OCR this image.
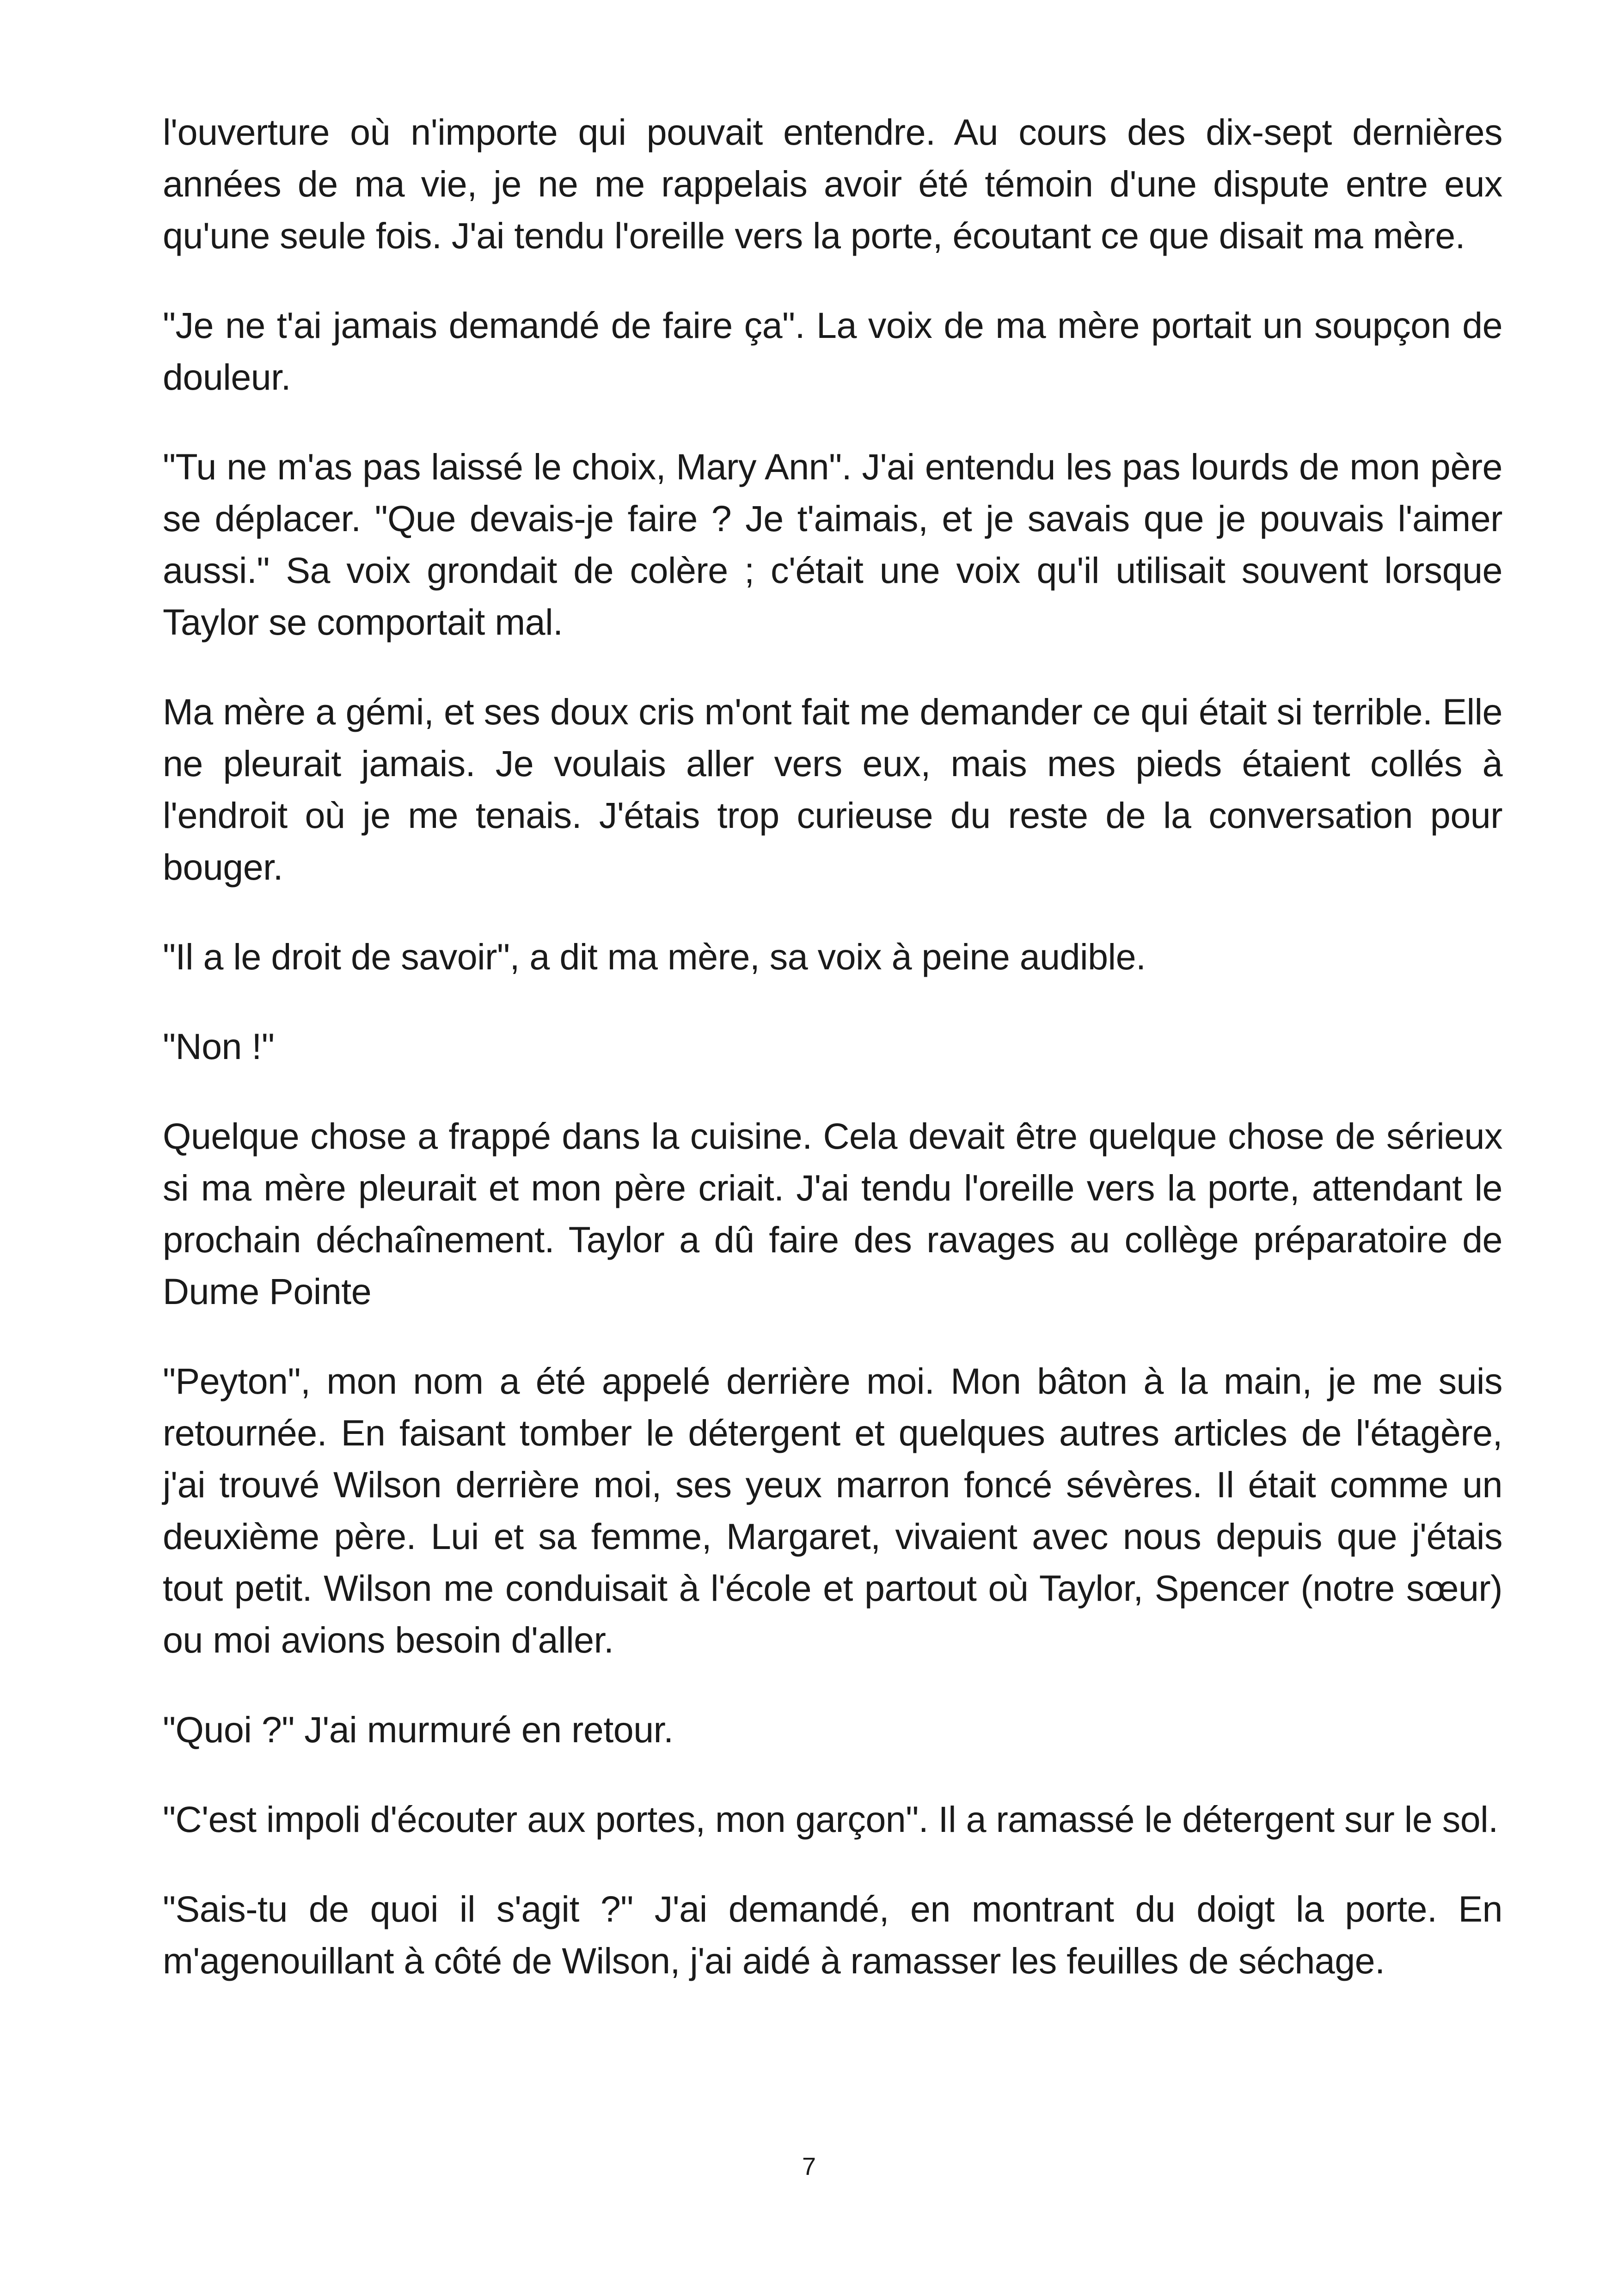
l'ouverture où n'importe qui pouvait entendre. Au cours des dix-sept dernières années de ma vie, je ne me rappelais avoir été témoin d'une dispute entre eux qu'une seule fois. J'ai tendu l'oreille vers la porte, écoutant ce que disait ma mère.

"Je ne t'ai jamais demandé de faire ça". La voix de ma mère portait un soupçon de douleur.

"Tu ne m'as pas laissé le choix, Mary Ann". J'ai entendu les pas lourds de mon père se déplacer. "Que devais-je faire ? Je t'aimais, et je savais que je pouvais l'aimer aussi." Sa voix grondait de colère ; c'était une voix qu'il utilisait souvent lorsque Taylor se comportait mal.

Ma mère a gémi, et ses doux cris m'ont fait me demander ce qui était si terrible. Elle ne pleurait jamais. Je voulais aller vers eux, mais mes pieds étaient collés à l'endroit où je me tenais. J'étais trop curieuse du reste de la conversation pour bouger.

"Il a le droit de savoir", a dit ma mère, sa voix à peine audible.

"Non !"

Quelque chose a frappé dans la cuisine. Cela devait être quelque chose de sérieux si ma mère pleurait et mon père criait. J'ai tendu l'oreille vers la porte, attendant le prochain déchaînement. Taylor a dû faire des ravages au collège préparatoire de Dume Pointe

"Peyton", mon nom a été appelé derrière moi. Mon bâton à la main, je me suis retournée. En faisant tomber le détergent et quelques autres articles de l'étagère, j'ai trouvé Wilson derrière moi, ses yeux marron foncé sévères. Il était comme un deuxième père. Lui et sa femme, Margaret, vivaient avec nous depuis que j'étais tout petit. Wilson me conduisait à l'école et partout où Taylor, Spencer (notre sœur) ou moi avions besoin d'aller.

"Quoi ?" J'ai murmuré en retour.

"C'est impoli d'écouter aux portes, mon garçon". Il a ramassé le détergent sur le sol.

"Sais-tu de quoi il s'agit ?" J'ai demandé, en montrant du doigt la porte. En m'agenouillant à côté de Wilson, j'ai aidé à ramasser les feuilles de séchage.

7
